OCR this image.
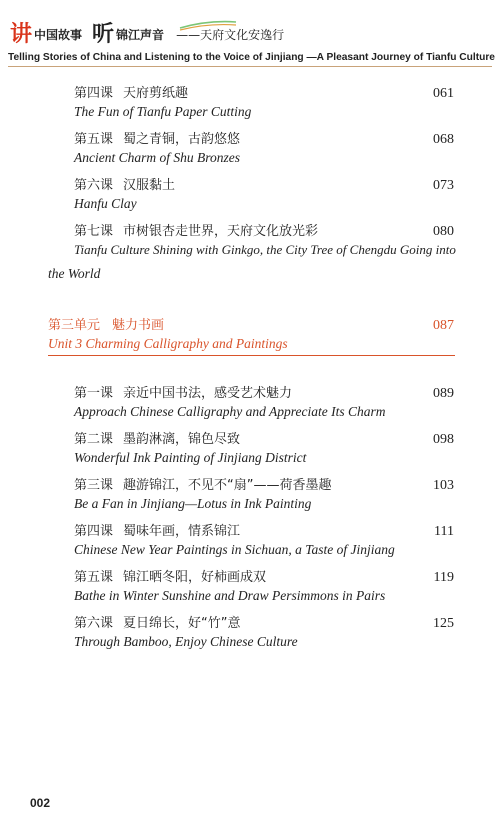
讲 中国故事 听 锦江声音 ——天府文化安逸行
Telling Stories of China and Listening to the Voice of Jinjiang —A Pleasant Journey of Tianfu Culture
第四课 天府剪纸趣	061
The Fun of Tianfu Paper Cutting
第五课 蜀之青铜，古韵悠悠	068
Ancient Charm of Shu Bronzes
第六课 汉服黏土	073
Hanfu Clay
第七课 市树银杏走世界，天府文化放光彩	080
Tianfu Culture Shining with Ginkgo, the City Tree of Chengdu Going into
the World
第三单元 魅力书画	087
Unit 3 Charming Calligraphy and Paintings
第一课 亲近中国书法，感受艺术魅力	089
Approach Chinese Calligraphy and Appreciate Its Charm
第二课 墨韵淋漓，锦色尽致	098
Wonderful Ink Painting of Jinjiang District
第三课 趣游锦江，不见不“扇”——荷香墨趣	103
Be a Fan in Jinjiang—Lotus in Ink Painting
第四课 蜀味年画，情系锦江	111
Chinese New Year Paintings in Sichuan, a Taste of Jinjiang
第五课 锦江晒冬阳，好柿画成双	119
Bathe in Winter Sunshine and Draw Persimmons in Pairs
第六课 夏日绵长，好“竹”意	125
Through Bamboo, Enjoy Chinese Culture
002
